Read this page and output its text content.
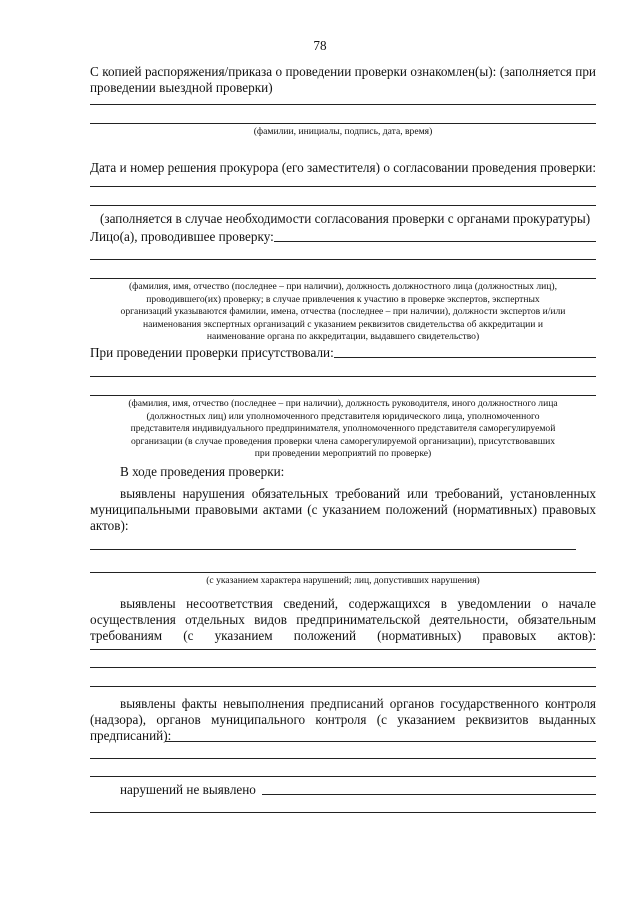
78
С копией распоряжения/приказа о проведении проверки ознакомлен(ы): (заполняется при
проведении выездной проверки)
(фамилии, инициалы, подпись, дата, время)
Дата и номер решения прокурора (его заместителя) о согласовании проведения проверки:
(заполняется в случае необходимости согласования проверки с органами прокуратуры)
Лицо(а), проводившее проверку:
(фамилия, имя, отчество (последнее – при наличии), должность должностного лица (должностных лиц),
проводившего(их) проверку; в случае привлечения к участию в проверке экспертов, экспертных
организаций указываются фамилии, имена, отчества (последнее – при наличии), должности экспертов и/или
наименования экспертных организаций с указанием реквизитов свидетельства об аккредитации и
наименование органа по аккредитации, выдавшего свидетельство)
При проведении проверки присутствовали:
(фамилия, имя, отчество (последнее – при наличии), должность руководителя, иного должностного лица
(должностных лиц) или уполномоченного представителя юридического лица, уполномоченного
представителя индивидуального предпринимателя, уполномоченного представителя саморегулируемой
организации (в случае проведения проверки члена саморегулируемой организации), присутствовавших
при проведении мероприятий по проверке)
В ходе проведения проверки:
выявлены нарушения обязательных требований или требований, установленных
муниципальными правовыми актами (с указанием положений (нормативных) правовых
актов):
(с указанием характера нарушений; лиц, допустивших нарушения)
выявлены несоответствия сведений, содержащихся в уведомлении о начале
осуществления отдельных видов предпринимательской деятельности, обязательным
требованиям (с указанием положений (нормативных) правовых актов):
выявлены факты невыполнения предписаний органов государственного контроля
(надзора), органов муниципального контроля (с указанием реквизитов выданных
предписаний):
нарушений не выявлено
